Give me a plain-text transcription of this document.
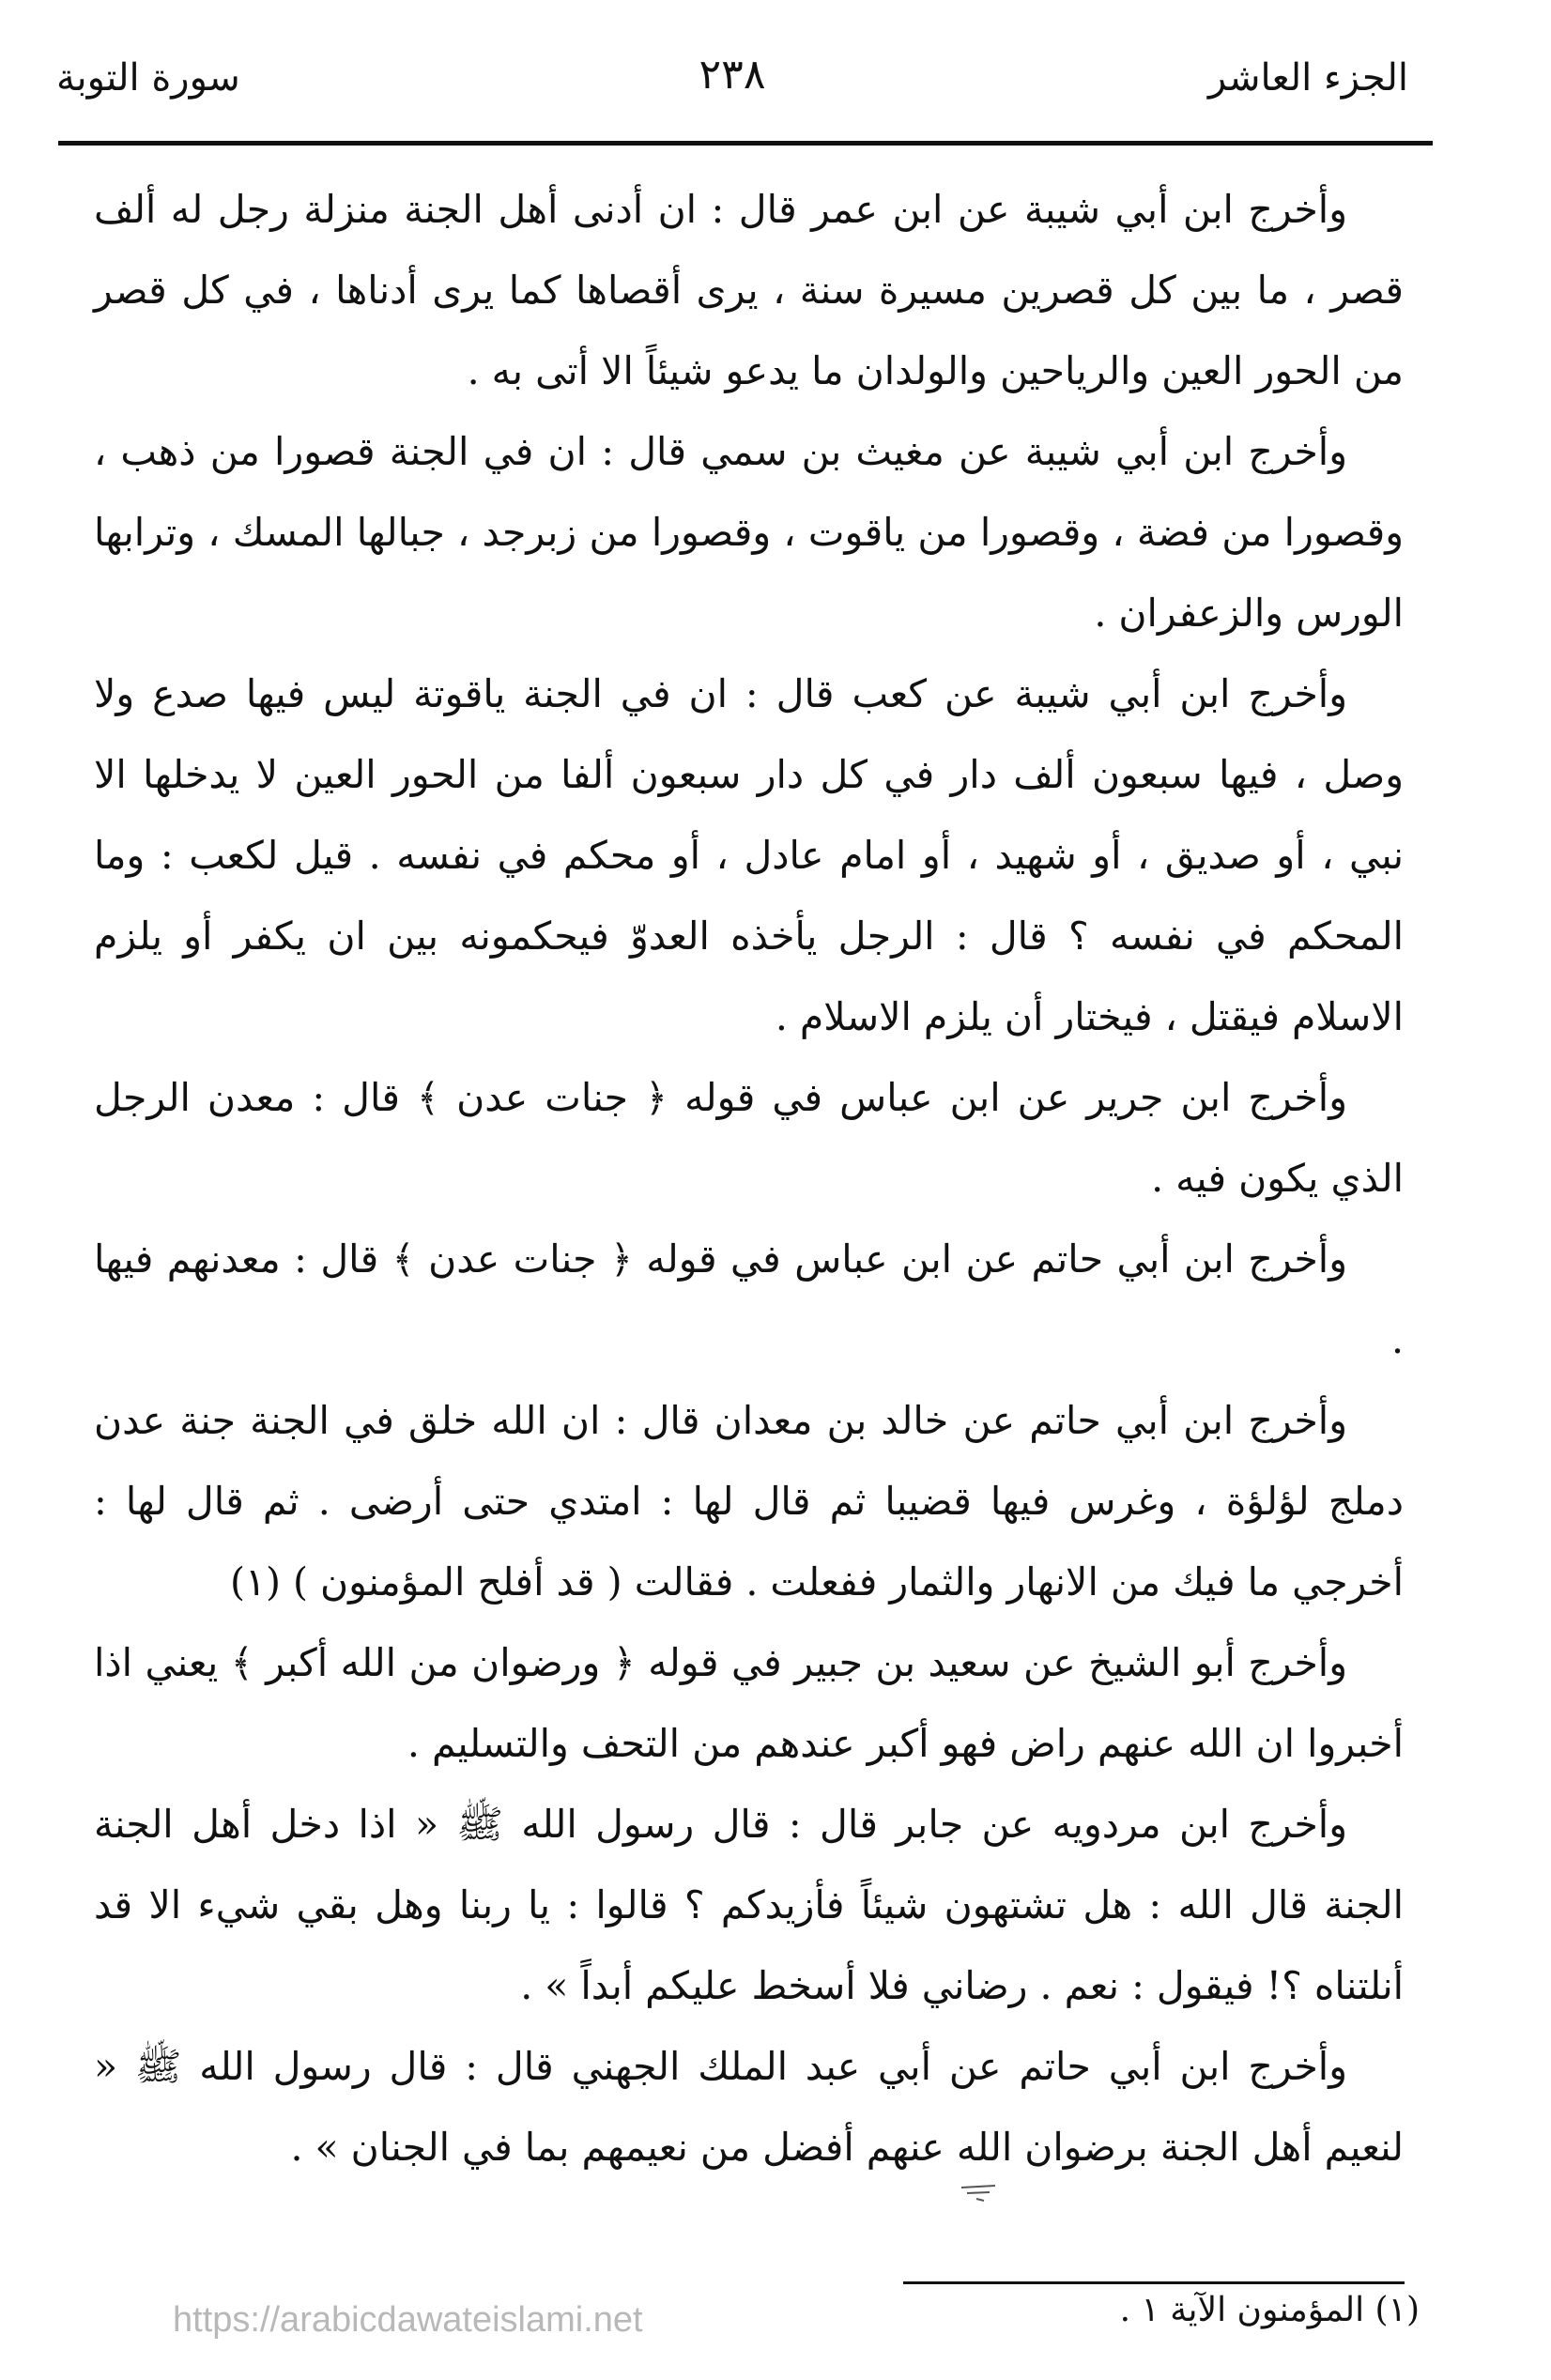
الجزء العاشر
٢٣٨
سورة التوبة

وأخرج ابن أبي شيبة عن ابن عمر قال : ان أدنى أهل الجنة منزلة رجل له ألف قصر ، ما بين كل قصرين مسيرة سنة ، يرى أقصاها كما يرى أدناها ، في كل قصر من الحور العين والرياحين والولدان ما يدعو شيئاً الا أتى به .

وأخرج ابن أبي شيبة عن مغيث بن سمي قال : ان في الجنة قصورا من ذهب ، وقصورا من فضة ، وقصورا من ياقوت ، وقصورا من زبرجد ، جبالها المسك ، وترابها الورس والزعفران .

وأخرج ابن أبي شيبة عن كعب قال : ان في الجنة ياقوتة ليس فيها صدع ولا وصل ، فيها سبعون ألف دار في كل دار سبعون ألفا من الحور العين لا يدخلها الا نبي ، أو صديق ، أو شهيد ، أو امام عادل ، أو محكم في نفسه . قيل لكعب : وما المحكم في نفسه ؟ قال : الرجل يأخذه العدوّ فيحكمونه بين ان يكفر أو يلزم الاسلام فيقتل ، فيختار أن يلزم الاسلام .

وأخرج ابن جرير عن ابن عباس في قوله ﴿ جنات عدن ﴾ قال : معدن الرجل الذي يكون فيه .

وأخرج ابن أبي حاتم عن ابن عباس في قوله ﴿ جنات عدن ﴾ قال : معدنهم فيها .

وأخرج ابن أبي حاتم عن خالد بن معدان قال : ان الله خلق في الجنة جنة عدن دملج لؤلؤة ، وغرس فيها قضيبا ثم قال لها : امتدي حتى أرضى . ثم قال لها : أخرجي ما فيك من الانهار والثمار ففعلت . فقالت ( قد أفلح المؤمنون ) (١)

وأخرج أبو الشيخ عن سعيد بن جبير في قوله ﴿ ورضوان من الله أكبر ﴾ يعني اذا أخبروا ان الله عنهم راض فهو أكبر عندهم من التحف والتسليم .

وأخرج ابن مردويه عن جابر قال : قال رسول الله ﷺ « اذا دخل أهل الجنة الجنة قال الله : هل تشتهون شيئاً فأزيدكم ؟ قالوا : يا ربنا وهل بقي شيء الا قد أنلتناه ؟! فيقول : نعم . رضاني فلا أسخط عليكم أبداً » .

وأخرج ابن أبي حاتم عن أبي عبد الملك الجهني قال : قال رسول الله ﷺ « لنعيم أهل الجنة برضوان الله عنهم أفضل من نعيمهم بما في الجنان » .

(١) المؤمنون الآية ١ .
https://arabicdawateislami.net
